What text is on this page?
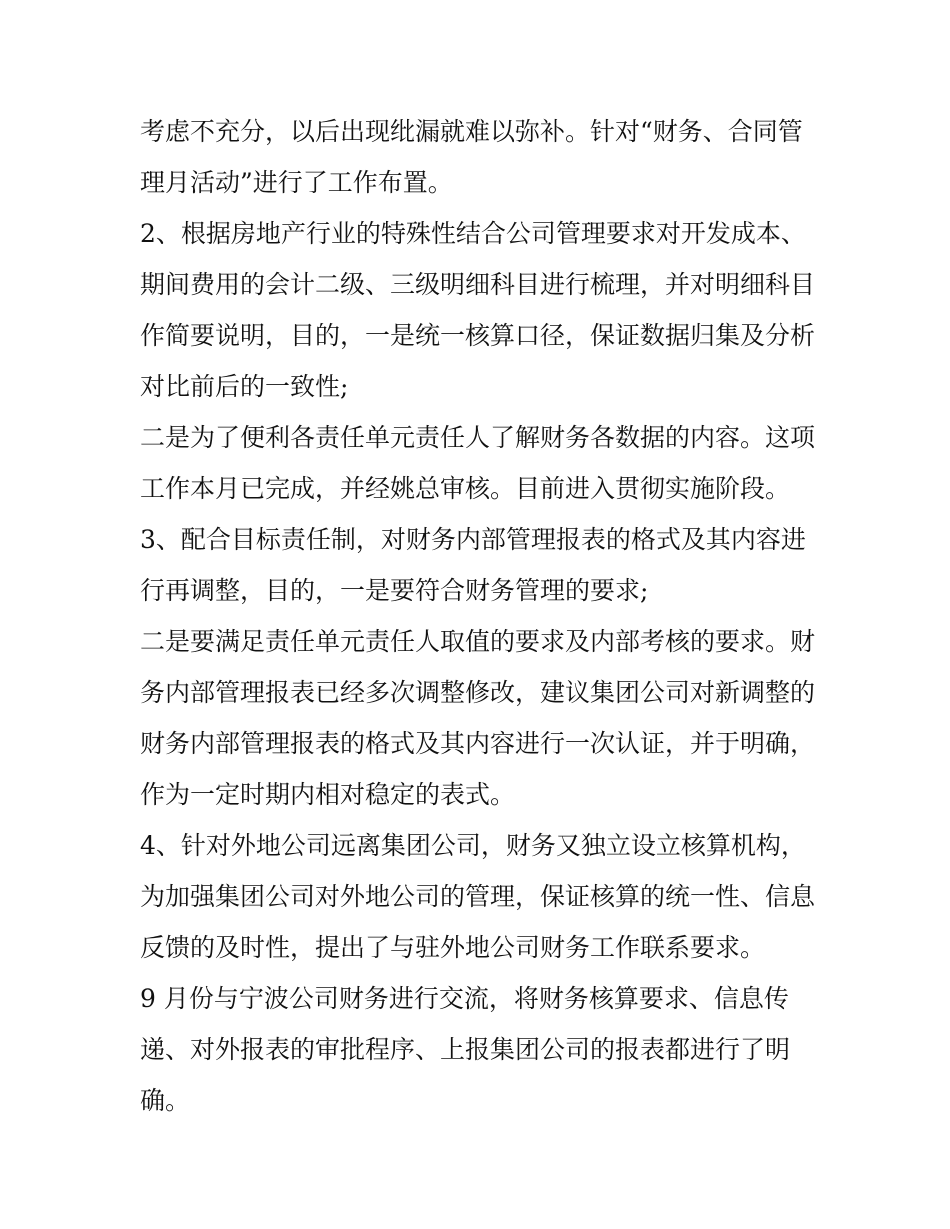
考虑不充分，以后出现纰漏就难以弥补。针对“财务、合同管
理月活动”进行了工作布置。
2、根据房地产行业的特殊性结合公司管理要求对开发成本、
期间费用的会计二级、三级明细科目进行梳理，并对明细科目
作简要说明，目的，一是统一核算口径，保证数据归集及分析
对比前后的一致性;
二是为了便利各责任单元责任人了解财务各数据的内容。这项
工作本月已完成，并经姚总审核。目前进入贯彻实施阶段。
3、配合目标责任制，对财务内部管理报表的格式及其内容进
行再调整，目的，一是要符合财务管理的要求;
二是要满足责任单元责任人取值的要求及内部考核的要求。财
务内部管理报表已经多次调整修改，建议集团公司对新调整的
财务内部管理报表的格式及其内容进行一次认证，并于明确，
作为一定时期内相对稳定的表式。
4、针对外地公司远离集团公司，财务又独立设立核算机构，
为加强集团公司对外地公司的管理，保证核算的统一性、信息
反馈的及时性，提出了与驻外地公司财务工作联系要求。
9 月份与宁波公司财务进行交流，将财务核算要求、信息传
递、对外报表的审批程序、上报集团公司的报表都进行了明
确。
